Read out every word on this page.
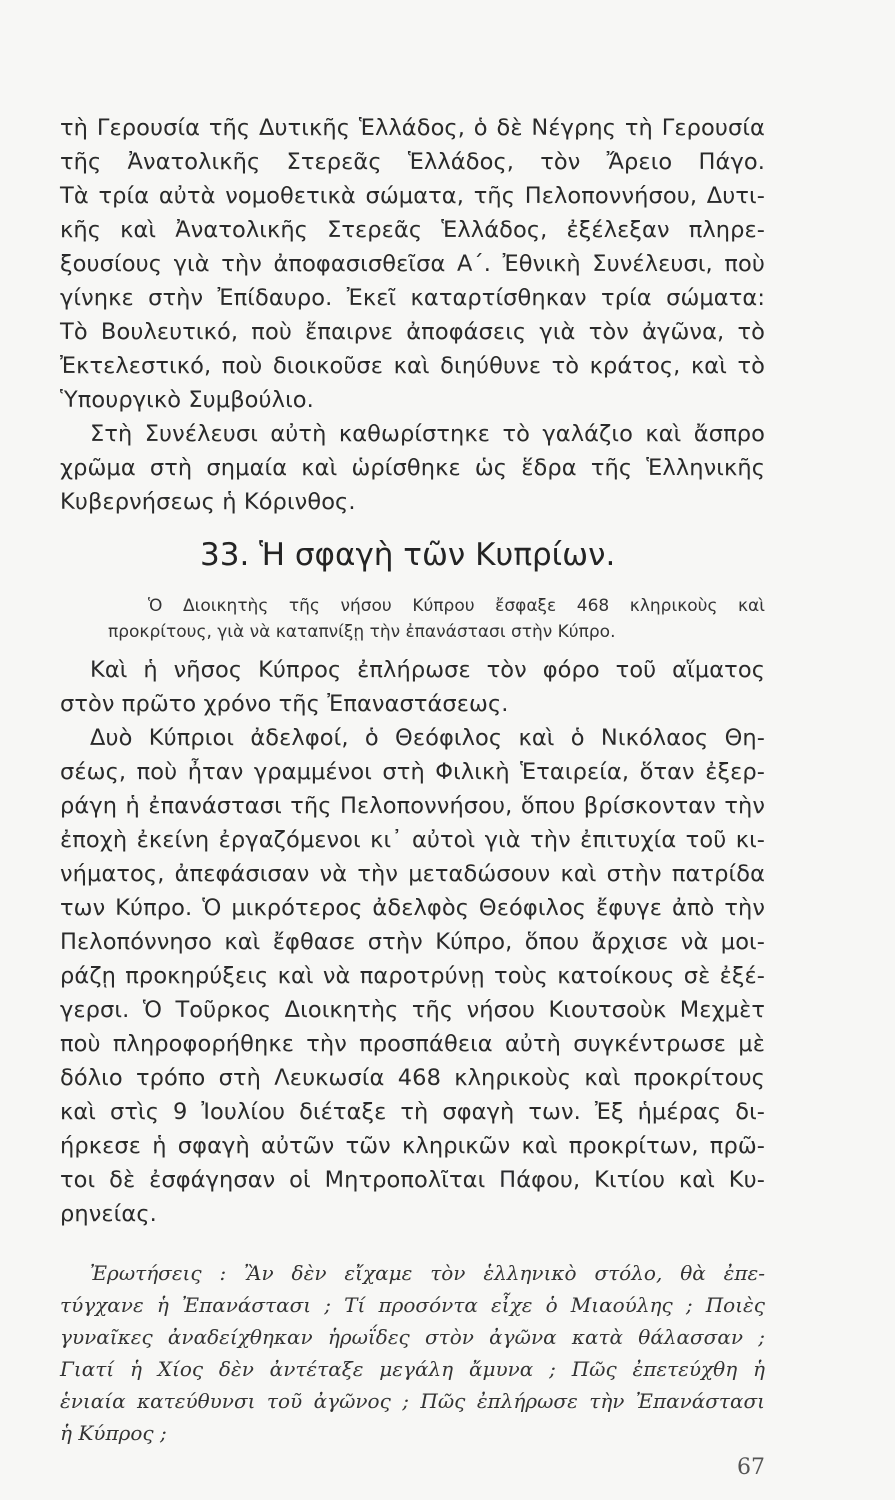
τὴ Γερουσία τῆς Δυτικῆς Ἑλλάδος, ὁ δὲ Νέγρης τὴ Γερουσία
τῆς Ἀνατολικῆς Στερεᾶς Ἑλλάδος, τὸν Ἄρειο Πάγο.
Τὰ τρία αὐτὰ νομοθετικὰ σώματα, τῆς Πελοποννήσου, Δυτι-
κῆς καὶ Ἀνατολικῆς Στερεᾶς Ἑλλάδος, ἐξέλεξαν πληρε-
ξουσίους γιὰ τὴν ἀποφασισθεῖσα Α΄. Ἐθνικὴ Συνέλευσι, ποὺ
γίνηκε στὴν Ἐπίδαυρο. Ἐκεῖ καταρτίσθηκαν τρία σώματα:
Τὸ Βουλευτικό, ποὺ ἔπαιρνε ἀποφάσεις γιὰ τὸν ἀγῶνα, τὸ
Ἐκτελεστικό, ποὺ διοικοῦσε καὶ διηύθυνε τὸ κράτος, καὶ τὸ
Ὑπουργικὸ Συμβούλιο.
Στὴ Συνέλευσι αὐτὴ καθωρίστηκε τὸ γαλάζιο καὶ ἄσπρο
χρῶμα στὴ σημαία καὶ ὡρίσθηκε ὡς ἕδρα τῆς Ἑλληνικῆς
Κυβερνήσεως ἡ Κόρινθος.
33. Ἡ σφαγὴ τῶν Κυπρίων.
Ὁ Διοικητὴς τῆς νήσου Κύπρου ἔσφαξε 468 κληρικοὺς καὶ
προκρίτους, γιὰ νὰ καταπνίξῃ τὴν ἐπανάστασι στὴν Κύπρο.
Καὶ ἡ νῆσος Κύπρος ἐπλήρωσε τὸν φόρο τοῦ αἵματος
στὸν πρῶτο χρόνο τῆς Ἐπαναστάσεως.
Δυὸ Κύπριοι ἀδελφοί, ὁ Θεόφιλος καὶ ὁ Νικόλαος Θη-
σέως, ποὺ ἦταν γραμμένοι στὴ Φιλικὴ Ἑταιρεία, ὅταν ἐξερ-
ράγη ἡ ἐπανάστασι τῆς Πελοποννήσου, ὅπου βρίσκονταν τὴν
ἐποχὴ ἐκείνη ἐργαζόμενοι κι᾽ αὐτοὶ γιὰ τὴν ἐπιτυχία τοῦ κι-
νήματος, ἀπεφάσισαν νὰ τὴν μεταδώσουν καὶ στὴν πατρίδα
των Κύπρο. Ὁ μικρότερος ἀδελφὸς Θεόφιλος ἔφυγε ἀπὸ τὴν
Πελοπόννησο καὶ ἔφθασε στὴν Κύπρο, ὅπου ἄρχισε νὰ μοι-
ράζῃ προκηρύξεις καὶ νὰ παροτρύνῃ τοὺς κατοίκους σὲ ἐξέ-
γερσι. Ὁ Τοῦρκος Διοικητὴς τῆς νήσου Κιουτσοὺκ Μεχμὲτ
ποὺ πληροφορήθηκε τὴν προσπάθεια αὐτὴ συγκέντρωσε μὲ
δόλιο τρόπο στὴ Λευκωσία 468 κληρικοὺς καὶ προκρίτους
καὶ στὶς 9 Ἰουλίου διέταξε τὴ σφαγὴ των. Ἐξ ἡμέρας δι-
ήρκεσε ἡ σφαγὴ αὐτῶν τῶν κληρικῶν καὶ προκρίτων, πρῶ-
τοι δὲ ἐσφάγησαν οἱ Μητροπολῖται Πάφου, Κιτίου καὶ Κυ-
ρηνείας.
Ἐρωτήσεις : Ἂν δὲν εἴχαμε τὸν ἑλληνικὸ στόλο, θὰ ἐπε-
τύγχανε ἡ Ἐπανάστασι ; Τί προσόντα εἶχε ὁ Μιαούλης ; Ποιὲς
γυναῖκες ἀναδείχθηκαν ἡρωΐδες στὸν ἀγῶνα κατὰ θάλασσαν ;
Γιατί ἡ Χίος δὲν ἀντέταξε μεγάλη ἄμυνα ; Πῶς ἐπετεύχθη ἡ
ἑνιαία κατεύθυνσι τοῦ ἀγῶνος ; Πῶς ἐπλήρωσε τὴν Ἐπανάστασι
ἡ Κύπρος ;
67
